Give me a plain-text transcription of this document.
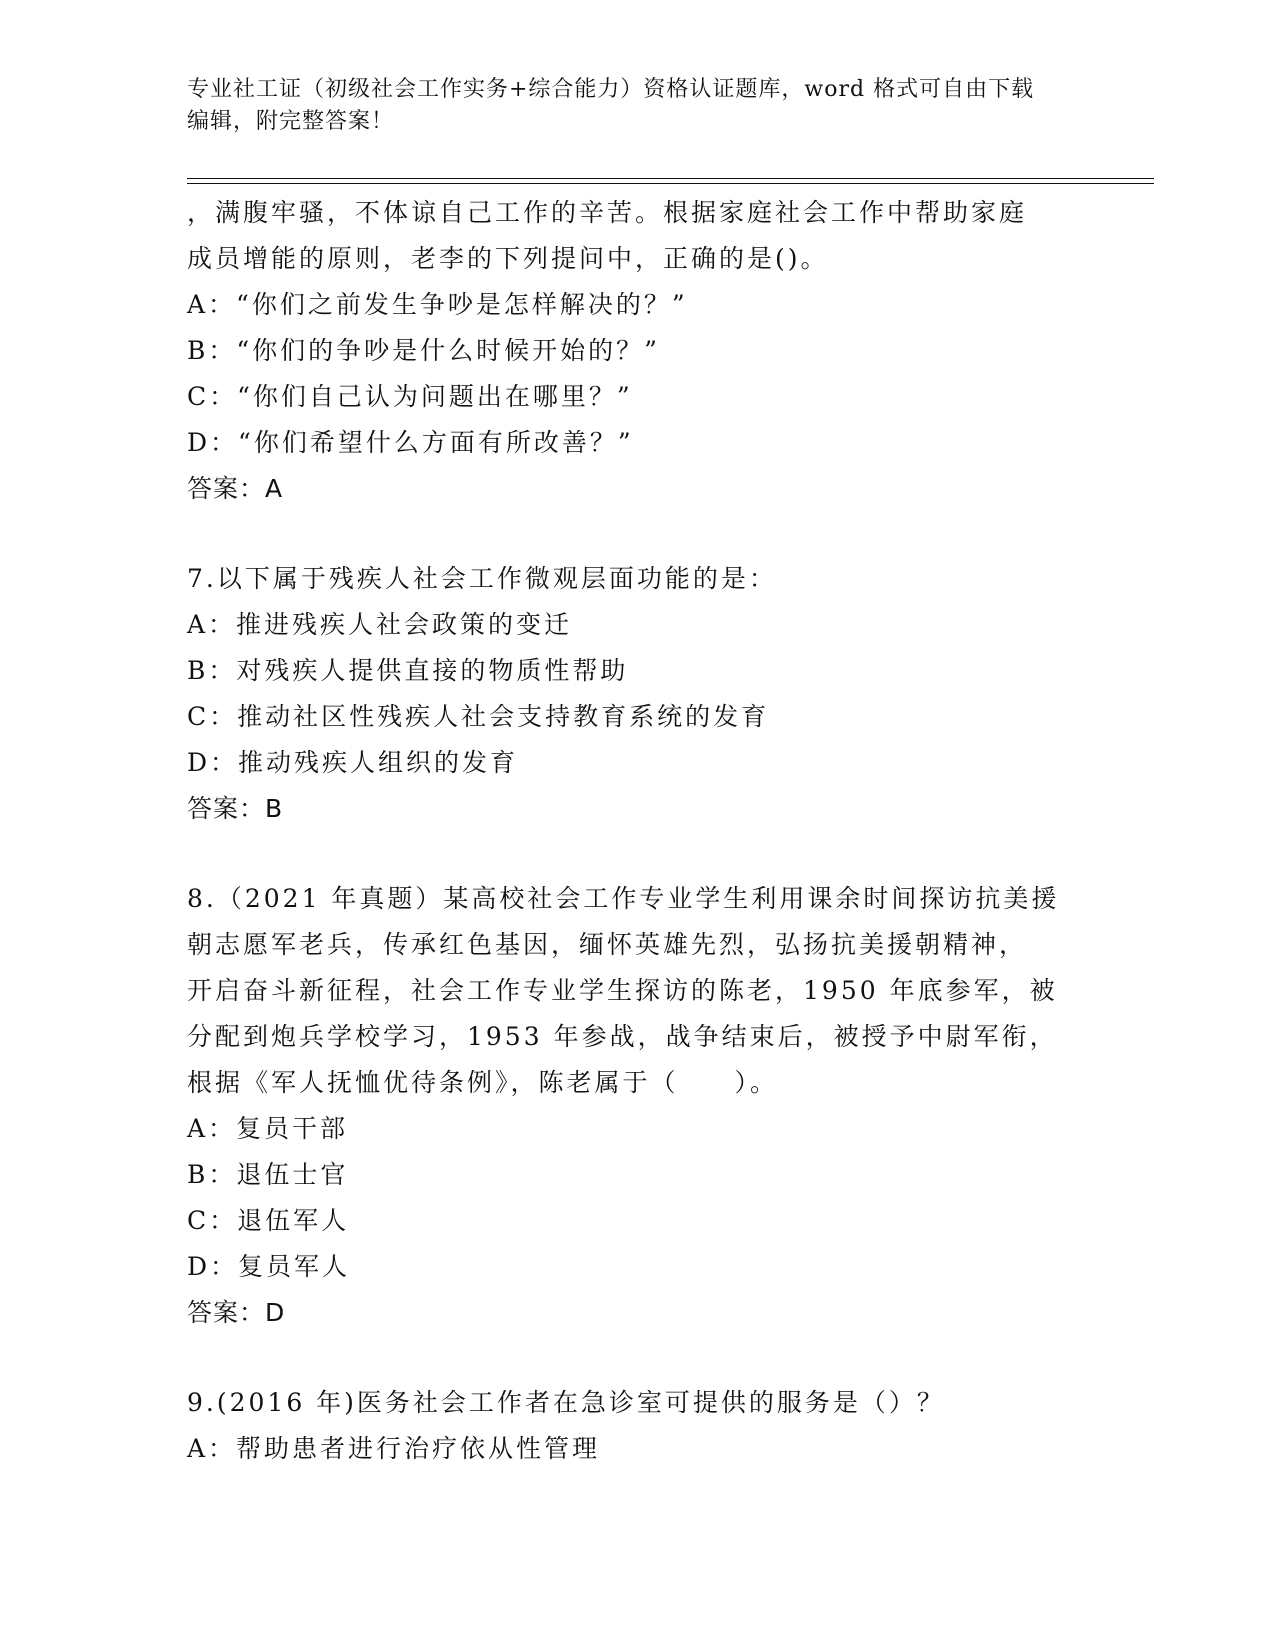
专业社工证（初级社会工作实务+综合能力）资格认证题库，word 格式可自由下载
编辑，附完整答案！
，满腹牢骚，不体谅自己工作的辛苦。根据家庭社会工作中帮助家庭
成员增能的原则，老李的下列提问中，正确的是()。
A：“你们之前发生争吵是怎样解决的？”
B：“你们的争吵是什么时候开始的？”
C：“你们自己认为问题出在哪里？”
D：“你们希望什么方面有所改善？”
答案：A
7.以下属于残疾人社会工作微观层面功能的是：
A：推进残疾人社会政策的变迁
B：对残疾人提供直接的物质性帮助
C：推动社区性残疾人社会支持教育系统的发育
D：推动残疾人组织的发育
答案：B
8.（2021 年真题）某高校社会工作专业学生利用课余时间探访抗美援
朝志愿军老兵，传承红色基因，缅怀英雄先烈，弘扬抗美援朝精神，
开启奋斗新征程，社会工作专业学生探访的陈老，1950 年底参军，被
分配到炮兵学校学习，1953 年参战，战争结束后，被授予中尉军衔，
根据《军人抚恤优待条例》，陈老属于（　　）。
A：复员干部
B：退伍士官
C：退伍军人
D：复员军人
答案：D
9.(2016 年)医务社会工作者在急诊室可提供的服务是（）？
A：帮助患者进行治疗依从性管理
